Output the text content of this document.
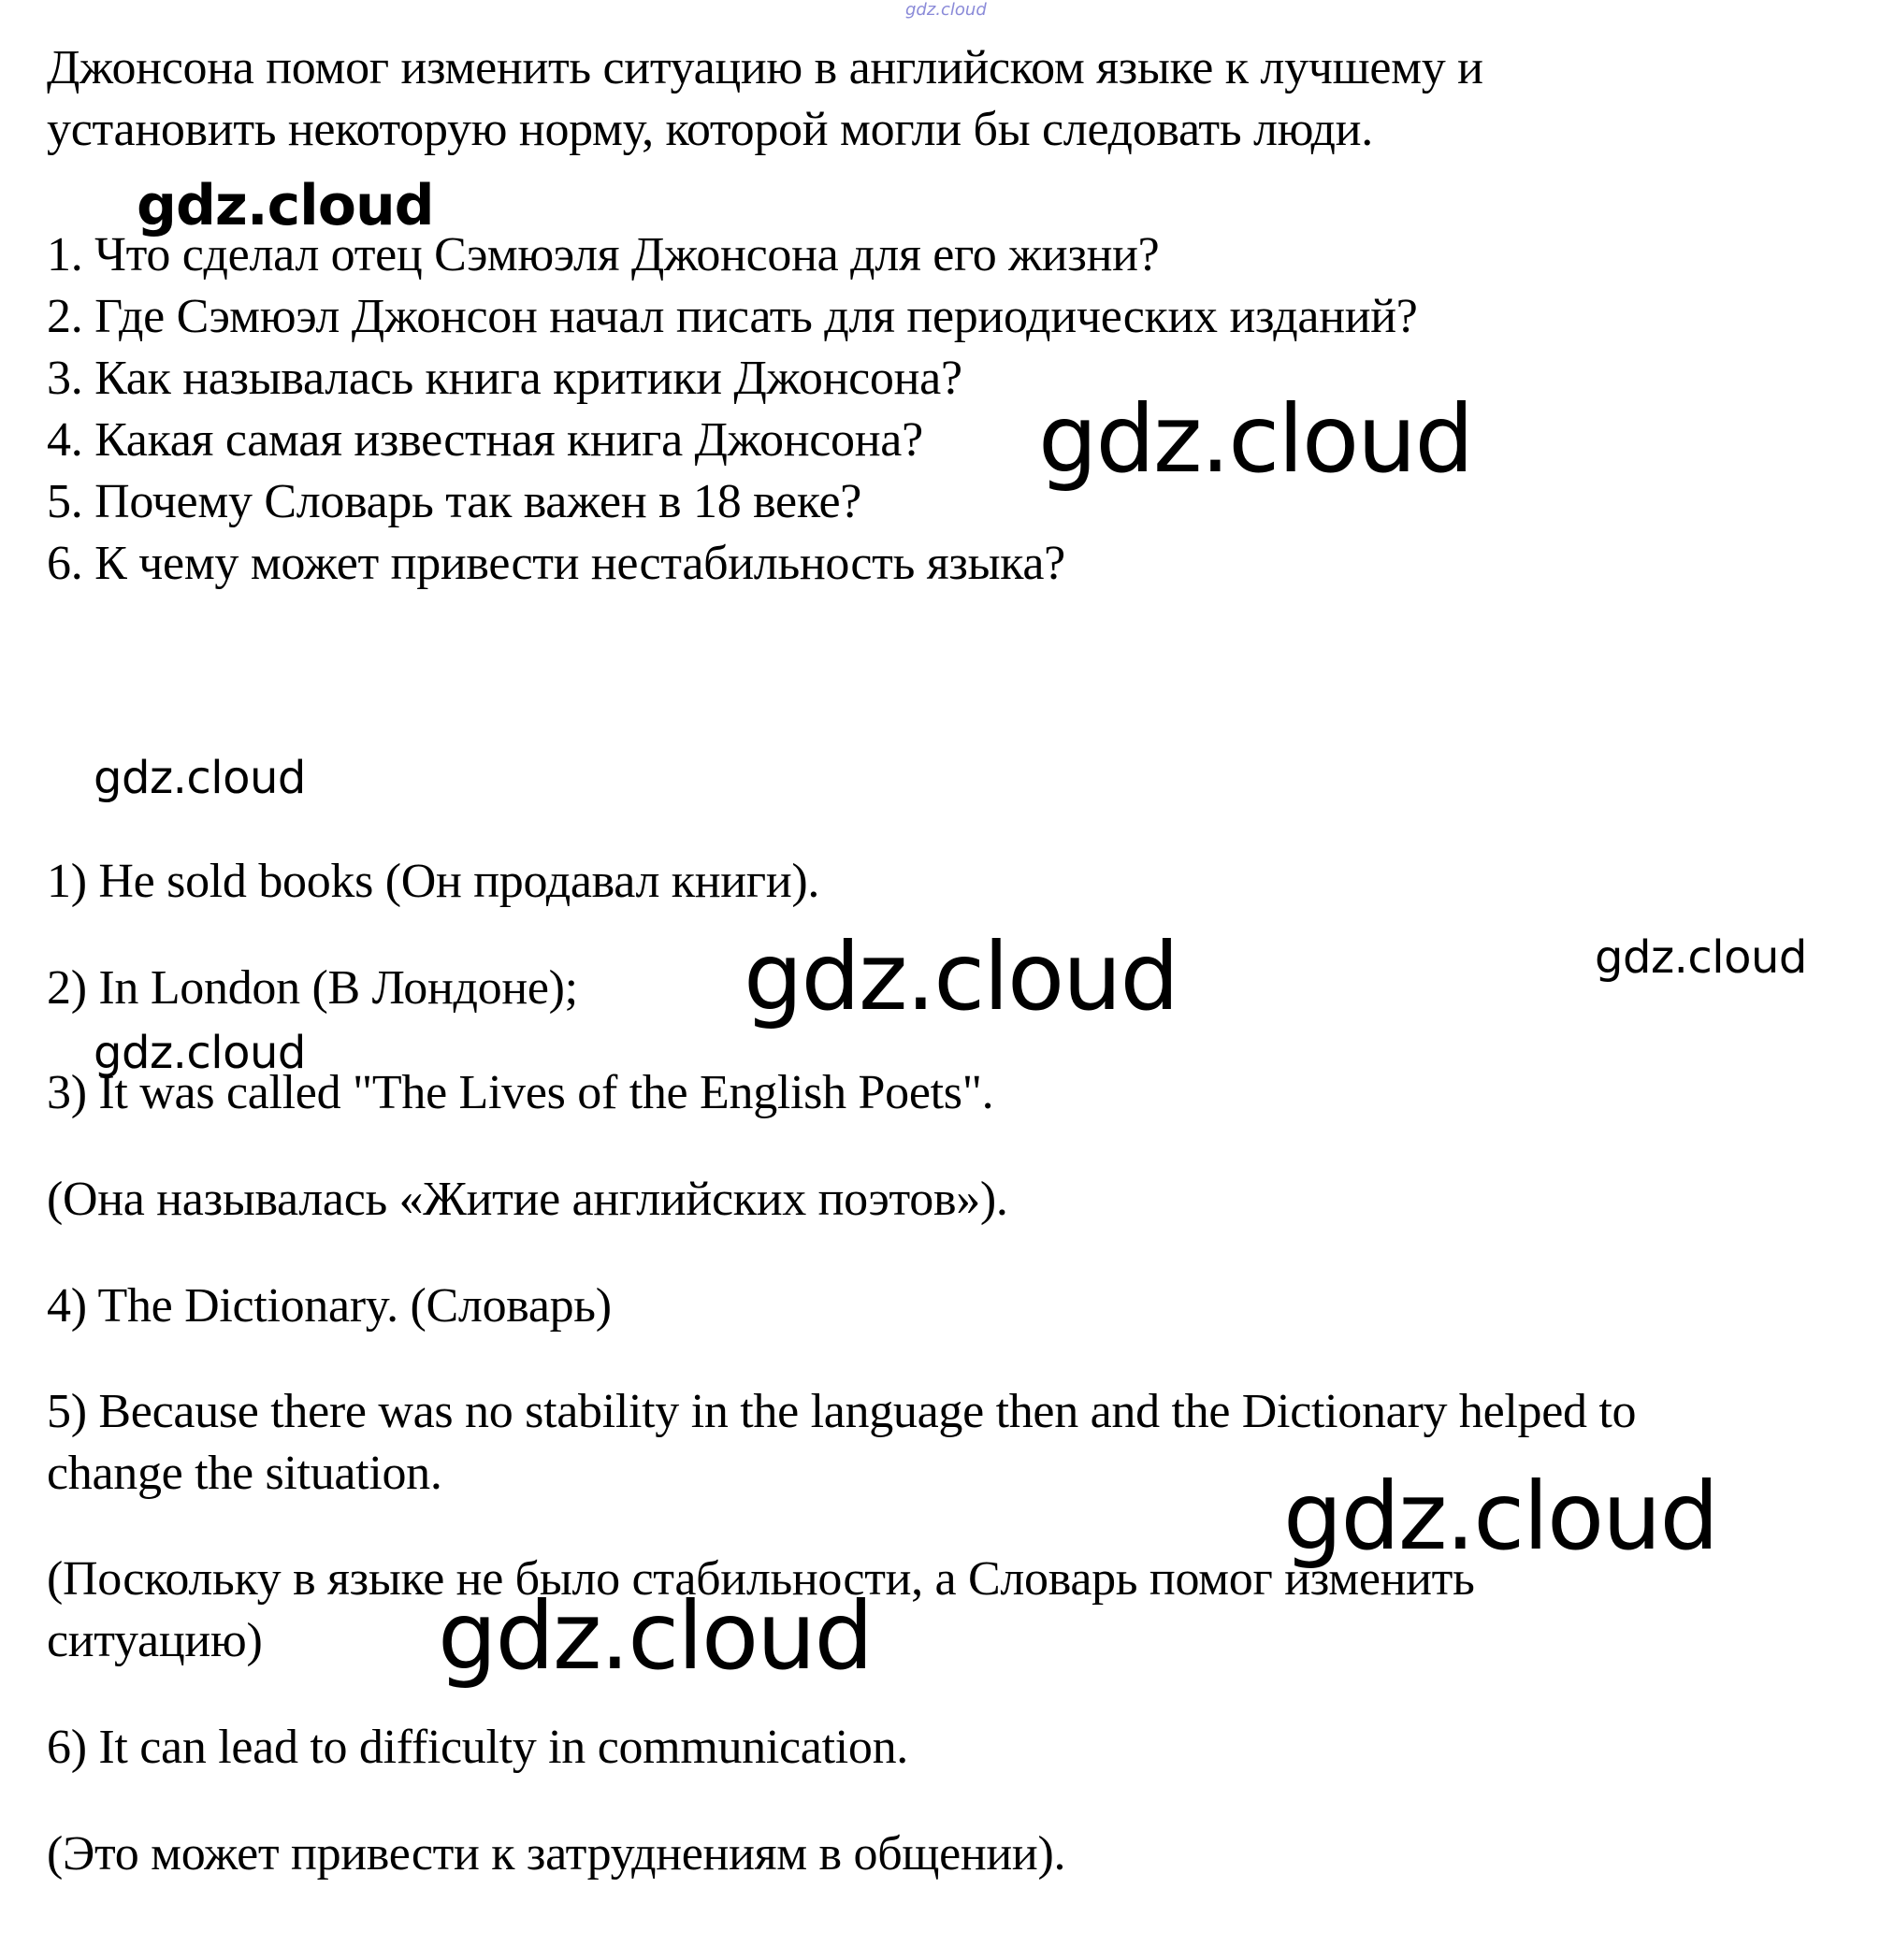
gdz.cloud
Джонсона помог изменить ситуацию в английском языке к лучшему и
установить некоторую норму, которой могли бы следовать люди.
1. Что сделал отец Сэмюэля Джонсона для его жизни?
2. Где Сэмюэл Джонсон начал писать для периодических изданий?
3. Как называлась книга критики Джонсона?
4. Какая самая известная книга Джонсона?
5. Почему Словарь так важен в 18 веке?
6. К чему может привести нестабильность языка?
1) He sold books (Он продавал книги).
2) In London (В Лондоне);
3) It was called "The Lives of the English Poets".
(Она называлась «Житие английских поэтов»).
4) The Dictionary. (Словарь)
5) Because there was no stability in the language then and the Dictionary helped to
change the situation.
(Поскольку в языке не было стабильности, а Словарь помог изменить
ситуацию)
6) It can lead to difficulty in communication.
(Это может привести к затруднениям в общении).
gdz.cloud
gdz.cloud
gdz.cloud
gdz.cloud	gdz.cloud
gdz.cloud
gdz.cloud
gdz.cloud
